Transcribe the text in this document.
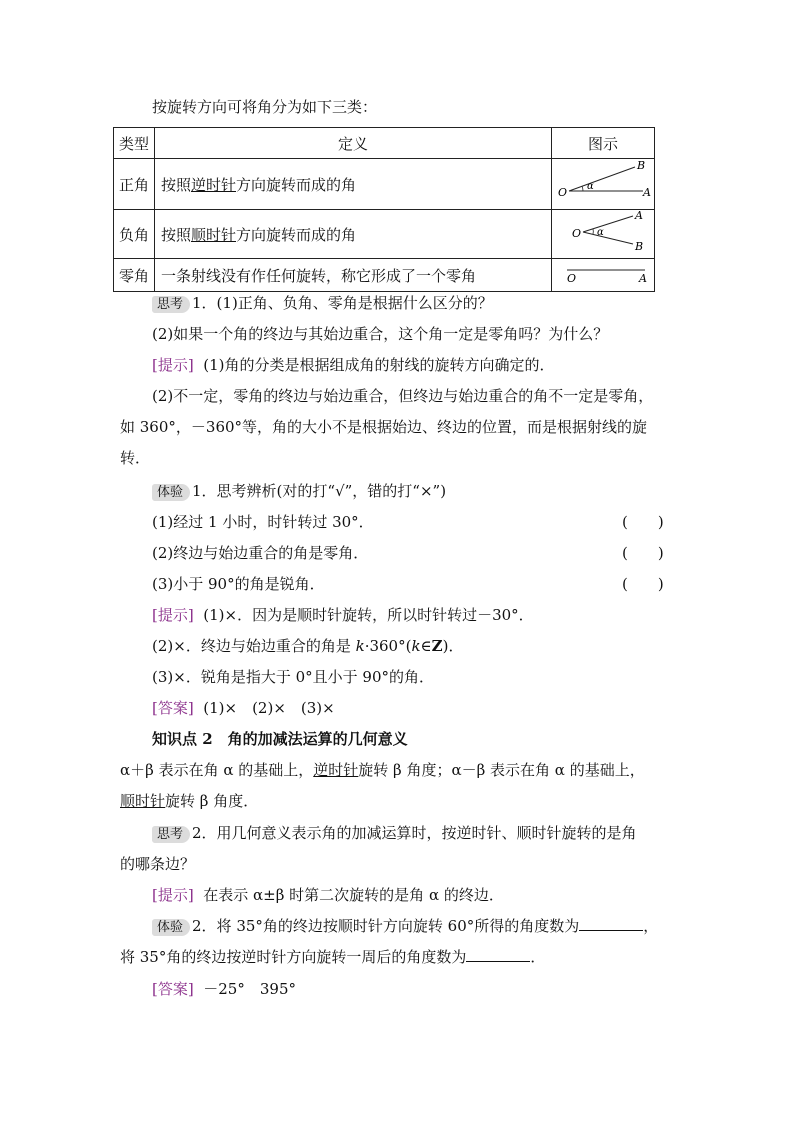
按旋转方向可将角分为如下三类：
类型	定义	图示
正角	按照逆时针方向旋转而成的角	O A
B
α

负角	按照顺时针方向旋转而成的角	O
A
B
α

零角	一条射线没有作任何旋转，称它形成了一个零角	O A
思考 1．(1)正角、负角、零角是根据什么区分的？
(2)如果一个角的终边与其始边重合，这个角一定是零角吗？为什么？
[提示] (1)角的分类是根据组成角的射线的旋转方向确定的．
(2)不一定，零角的终边与始边重合，但终边与始边重合的角不一定是零角，
如 360°，－360°等，角的大小不是根据始边、终边的位置，而是根据射线的旋
转．
体验 1．思考辨析(对的打“√”，错的打“×”)
(1)经过 1 小时，时针转过 30°．	(　　)
(2)终边与始边重合的角是零角．	(　　)
(3)小于 90°的角是锐角．	(　　)
[提示] (1)×．因为是顺时针旋转，所以时针转过－30°．
(2)×．终边与始边重合的角是 k·360°(k∈Z)．
(3)×．锐角是指大于 0°且小于 90°的角．
[答案] (1)×　(2)×　(3)×
知识点 2　角的加减法运算的几何意义
α＋β 表示在角 α 的基础上，逆时针旋转 β 角度；α－β 表示在角 α 的基础上，
顺时针旋转 β 角度．
思考 2．用几何意义表示角的加减运算时，按逆时针、顺时针旋转的是角
的哪条边？
[提示] 在表示 α±β 时第二次旋转的是角 α 的终边．
体验 2．将 35°角的终边按顺时针方向旋转 60°所得的角度数为	，
将 35°角的终边按逆时针方向旋转一周后的角度数为	．
[答案] －25°　395°
